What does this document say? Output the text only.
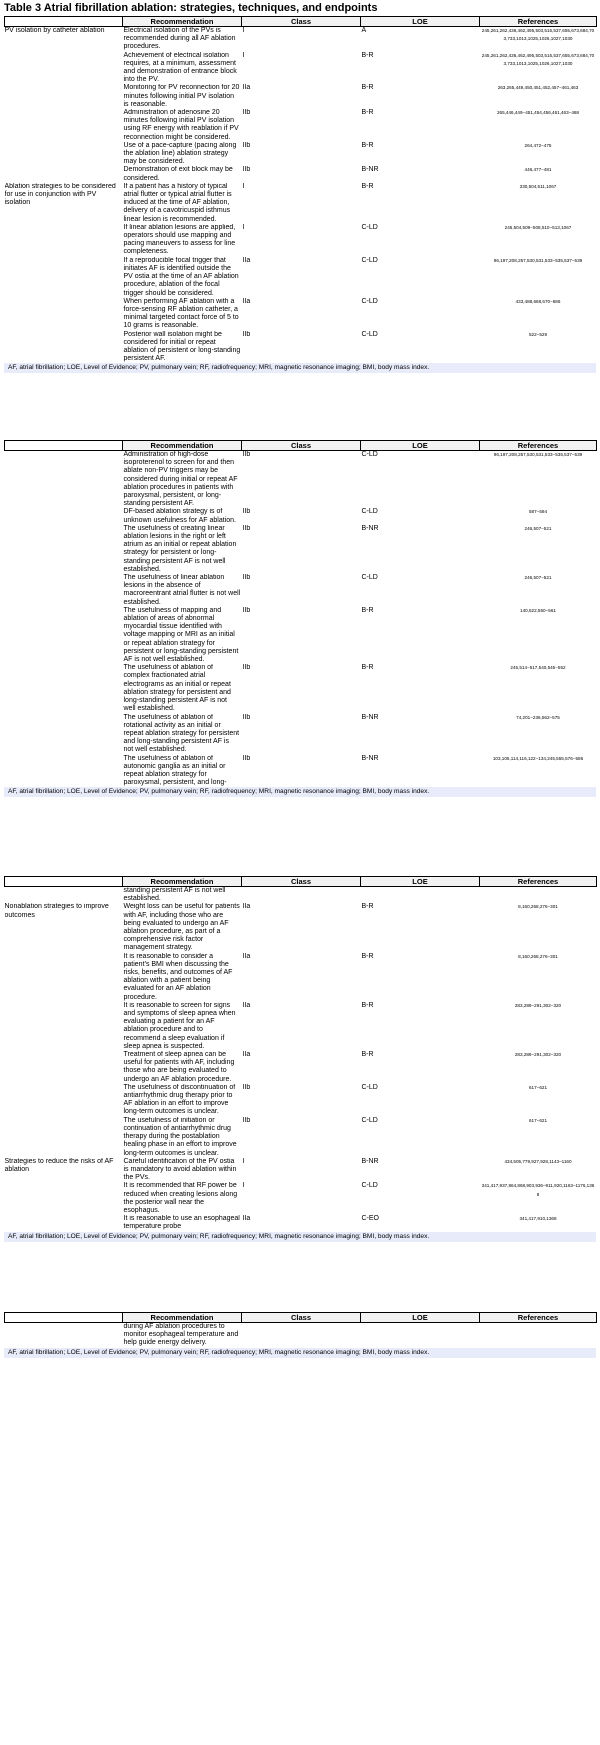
Table 3 Atrial fibrillation ablation: strategies, techniques, and endpoints
	Recommendation	Class	LOE	References
PV isolation by catheter ablation	Electrical isolation of the PVs is recommended during all AF ablation procedures.	I	A	245,261,262,436,462,495,503,515,537,655,673,684,703,733,1013,1025,1026,1027,1030
	Achievement of electrical isolation requires, at a minimum, assessment and demonstration of entrance block into the PV.	I	B-R	245,261,262,436,462,495,503,515,537,655,673,684,703,733,1013,1025,1026,1027,1030
	Monitoring for PV reconnection for 20 minutes following initial PV isolation is reasonable.	IIa	B-R	263,265,449,450,451,452,457−461,463
	Administration of adenosine 20 minutes following initial PV isolation using RF energy with reablation if PV reconnection might be considered.	IIb	B-R	265,446,449−451,454,456,461,463−468
	Use of a pace-capture (pacing along the ablation line) ablation strategy may be considered.	IIb	B-R	264,472−475
	Demonstration of exit block may be considered.	IIb	B-NR	446,477−481
Ablation strategies to be considered for use in conjunction with PV isolation	If a patient has a history of typical atrial flutter or typical atrial flutter is induced at the time of AF ablation, delivery of a cavotricuspid isthmus linear lesion is recommended.	I	B-R	330,504,511,1067
	If linear ablation lesions are applied, operators should use mapping and pacing maneuvers to assess for line completeness.	I	C-LD	245,504,509−508,510−513,1067
	If a reproducible focal trigger that initiates AF is identified outside the PV ostia at the time of an AF ablation procedure, ablation of the focal trigger should be considered.	IIa	C-LD	96,197,208,257,530,531,533−535,537−539
	When performing AF ablation with a force-sensing RF ablation catheter, a minimal targeted contact force of 5 to 10 grams is reasonable.	IIa	C-LD	433,488,668,670−686
	Posterior wall isolation might be considered for initial or repeat ablation of persistent or long-standing persistent AF.	IIb	C-LD	522−529
AF, atrial fibrillation; LOE, Level of Evidence; PV, pulmonary vein; RF, radiofrequency; MRI, magnetic resonance imaging; BMI, body mass index.
	Recommendation	Class	LOE	References
	Administration of high-dose isoproterenol to screen for and then ablate non-PV triggers may be considered during initial or repeat AF ablation procedures in patients with paroxysmal, persistent, or long-standing persistent AF.	IIb	C-LD	96,197,208,257,530,531,533−535,537−539
	DF-based ablation strategy is of unknown usefulness for AF ablation.	IIb	C-LD	587−594
	The usefulness of creating linear ablation lesions in the right or left atrium as an initial or repeat ablation strategy for persistent or long-standing persistent AF is not well established.	IIb	B-NR	246,507−521
	The usefulness of linear ablation lesions in the absence of macroreentrant atrial flutter is not well established.	IIb	C-LD	246,507−521
	The usefulness of mapping and ablation of areas of abnormal myocardial tissue identified with voltage mapping or MRI as an initial or repeat ablation strategy for persistent or long-standing persistent AF is not well established.	IIb	B-R	140,522,550−561
	The usefulness of ablation of complex fractionated atrial electrograms as an initial or repeat ablation strategy for persistent and long-standing persistent AF is not well established.	IIb	B-R	245,514−517,540,545−552
	The usefulness of ablation of rotational activity as an initial or repeat ablation strategy for persistent and long-standing persistent AF is not well established.	IIb	B-NR	74,201−236,562−575
	The usefulness of ablation of autonomic ganglia as an initial or repeat ablation strategy for paroxysmal, persistent, and long-	IIb	B-NR	103,105,114,116,122−134,245,555,576−586
AF, atrial fibrillation; LOE, Level of Evidence; PV, pulmonary vein; RF, radiofrequency; MRI, magnetic resonance imaging; BMI, body mass index.
	Recommendation	Class	LOE	References
	standing persistent AF is not well established.			
Nonablation strategies to improve outcomes	Weight loss can be useful for patients with AF, including those who are being evaluated to undergo an AF ablation procedure, as part of a comprehensive risk factor management strategy.	IIa	B-R	8,160,268,276−301
	It is reasonable to consider a patient’s BMI when discussing the risks, benefits, and outcomes of AF ablation with a patient being evaluated for an AF ablation procedure.	IIa	B-R	8,160,268,276−301
	It is reasonable to screen for signs and symptoms of sleep apnea when evaluating a patient for an AF ablation procedure and to recommend a sleep evaluation if sleep apnea is suspected.	IIa	B-R	283,289−291,302−320
	Treatment of sleep apnea can be useful for patients with AF, including those who are being evaluated to undergo an AF ablation procedure.	IIa	B-R	283,289−291,302−320
	The usefulness of discontinuation of antiarrhythmic drug therapy prior to AF ablation in an effort to improve long-term outcomes is unclear.	IIb	C-LD	617−621
	The usefulness of initiation or continuation of antiarrhythmic drug therapy during the postablation healing phase in an effort to improve long-term outcomes is unclear.	IIb	C-LD	617−621
Strategies to reduce the risks of AF ablation	Careful identification of the PV ostia is mandatory to avoid ablation within the PVs.	I	B-NR	434,505,779,927,928,1143–1160
	It is recommended that RF power be reduced when creating lesions along the posterior wall near the esophagus.	I	C-LD	341,417,937,864,868,903,936–911,920,1163–1176,1368
	It is reasonable to use an esophageal temperature probe	IIa	C-EO	341,417,910,1368
AF, atrial fibrillation; LOE, Level of Evidence; PV, pulmonary vein; RF, radiofrequency; MRI, magnetic resonance imaging; BMI, body mass index.
	Recommendation	Class	LOE	References
	during AF ablation procedures to monitor esophageal temperature and help guide energy delivery.			
AF, atrial fibrillation; LOE, Level of Evidence; PV, pulmonary vein; RF, radiofrequency; MRI, magnetic resonance imaging; BMI, body mass index.
